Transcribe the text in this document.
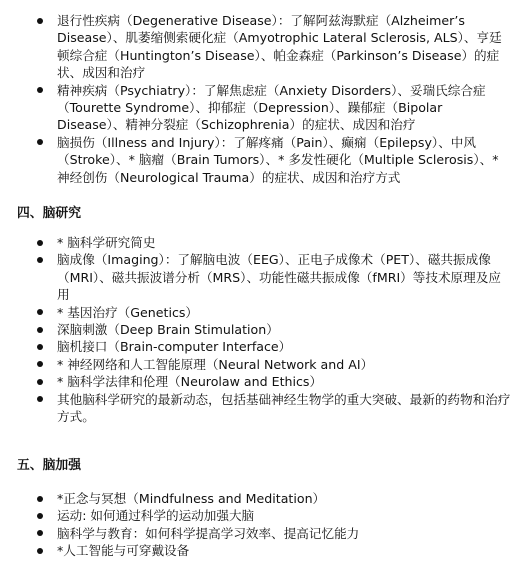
退行性疾病（Degenerative Disease）：了解阿兹海默症（Alzheimer’s Disease）、肌萎缩侧索硬化症（Amyotrophic Lateral Sclerosis, ALS）、亨廷顿综合症（Huntington’s Disease）、帕金森症（Parkinson’s Disease）的症状、成因和治疗
精神疾病（Psychiatry）：了解焦虑症（Anxiety Disorders）、妥瑞氏综合症（Tourette Syndrome）、抑郁症（Depression）、躁郁症（Bipolar Disease）、精神分裂症（Schizophrenia）的症状、成因和治疗
脑损伤（Illness and Injury）：了解疼痛（Pain）、癫痫（Epilepsy）、中风（Stroke）、* 脑瘤（Brain Tumors）、* 多发性硬化（Multiple Sclerosis）、* 神经创伤（Neurological Trauma）的症状、成因和治疗方式
四、脑研究
* 脑科学研究简史
脑成像（Imaging）：了解脑电波（EEG）、正电子成像术（PET）、磁共振成像（MRI）、磁共振波谱分析（MRS）、功能性磁共振成像（fMRI）等技术原理及应用
* 基因治疗（Genetics）
深脑刺激（Deep Brain Stimulation）
脑机接口（Brain-computer Interface）
* 神经网络和人工智能原理（Neural Network and AI）
* 脑科学法律和伦理（Neurolaw and Ethics）
其他脑科学研究的最新动态，包括基础神经生物学的重大突破、最新的药物和治疗方式。
五、脑加强
*正念与冥想（Mindfulness and Meditation）
运动: 如何通过科学的运动加强大脑
脑科学与教育：如何科学提高学习效率、提高记忆能力
*人工智能与可穿戴设备
